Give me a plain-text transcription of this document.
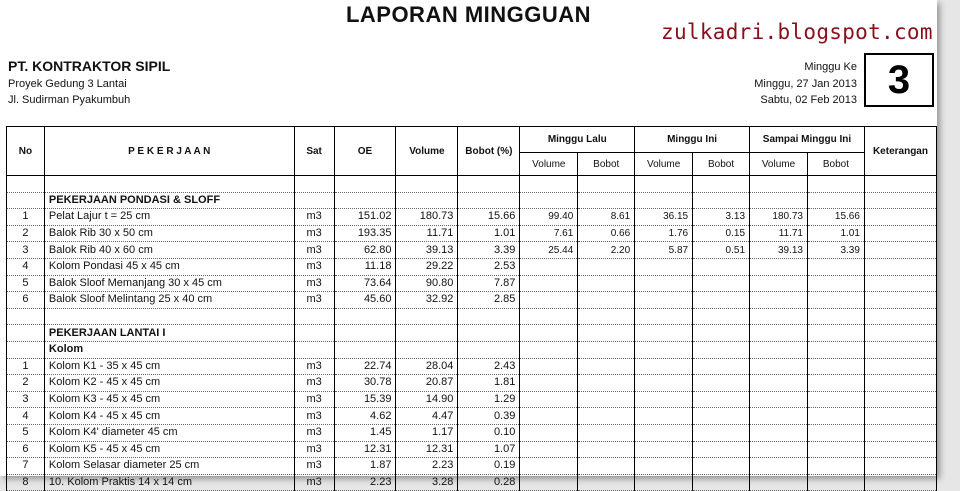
LAPORAN MINGGUAN
zulkadri.blogspot.com
PT. KONTRAKTOR SIPIL
Proyek Gedung 3 Lantai
Jl. Sudirman Pyakumbuh
Minggu Ke
Minggu, 27 Jan 2013
Sabtu, 02 Feb 2013 3
No	P E K E R J A A N	Sat	OE	Volume	Bobot (%)	Minggu Lalu		Minggu Ini		Sampai Minggu Ini		Keterangan
						Volume	Bobot	Volume	Bobot	Volume	Bobot	

	PEKERJAAN PONDASI & SLOFF											
1	Pelat Lajur t = 25 cm	m3	151.02	180.73	15.66	99.40	8.61	36.15	3.13	180.73	15.66	
2	Balok Rib 30 x 50 cm	m3	193.35	11.71	1.01	7.61	0.66	1.76	0.15	11.71	1.01	
3	Balok Rib 40 x 60 cm	m3	62.80	39.13	3.39	25.44	2.20	5.87	0.51	39.13	3.39	
4	Kolom Pondasi 45 x 45 cm	m3	11.18	29.22	2.53							
5	Balok Sloof Memanjang 30 x 45 cm	m3	73.64	90.80	7.87							
6	Balok Sloof Melintang 25 x 40 cm	m3	45.60	32.92	2.85							

	PEKERJAAN LANTAI I											
	Kolom											
1	Kolom K1 - 35 x 45 cm	m3	22.74	28.04	2.43							
2	Kolom K2 - 45 x 45 cm	m3	30.78	20.87	1.81							
3	Kolom K3 - 45 x 45 cm	m3	15.39	14.90	1.29							
4	Kolom K4 - 45 x 45 cm	m3	4.62	4.47	0.39							
5	Kolom K4' diameter 45 cm	m3	1.45	1.17	0.10							
6	Kolom K5 - 45 x 45 cm	m3	12.31	12.31	1.07							
7	Kolom Selasar diameter 25 cm	m3	1.87	2.23	0.19							
8	10. Kolom Praktis 14 x 14 cm	m3	2.23	3.28	0.28							
